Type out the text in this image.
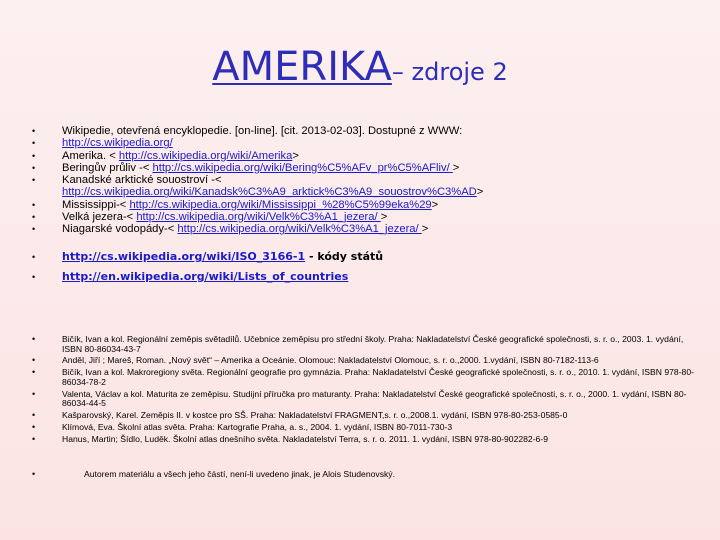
AMERIKA– zdroje 2
• Wikipedie, otevřená encyklopedie. [on-line]. [cit. 2013-02-03]. Dostupné z WWW:
• http://cs.wikipedia.org/
• Amerika. < http://cs.wikipedia.org/wiki/Amerika>
• Beringův průliv -< http://cs.wikipedia.org/wiki/Bering%C5%AFv_pr%C5%AFliv/ >
• Kanadské arktické souostroví -<
http://cs.wikipedia.org/wiki/Kanadsk%C3%A9_arktick%C3%A9_souostrov%C3%AD>
• Mississippi-< http://cs.wikipedia.org/wiki/Mississippi_%28%C5%99eka%29>
• Velká jezera-< http://cs.wikipedia.org/wiki/Velk%C3%A1_jezera/ >
• Niagarské vodopády-< http://cs.wikipedia.org/wiki/Velk%C3%A1_jezera/ >
• http://cs.wikipedia.org/wiki/ISO_3166-1 - kódy států
• http://en.wikipedia.org/wiki/Lists_of_countries
• Bičík, Ivan a kol. Regionální zeměpis světadílů. Učebnice zeměpisu pro střední školy. Praha: Nakladatelství České geografické společnosti, s. r. o., 2003. 1. vydání, ISBN 80-86034-43-7
• Anděl, Jiří ; Mareš, Roman. „Nový svět“ – Amerika a Oceánie. Olomouc: Nakladatelství Olomouc, s. r. o.,2000. 1.vydání, ISBN 80-7182-113-6
• Bičík, Ivan a kol. Makroregiony světa. Regionální geografie pro gymnázia. Praha: Nakladatelství České geografické společnosti, s. r. o., 2010. 1. vydání, ISBN 978-80-86034-78-2
• Valenta, Václav a kol. Maturita ze zeměpisu. Studijní příručka pro maturanty. Praha: Nakladatelství České geografické společnosti, s. r. o., 2000. 1. vydání, ISBN 80-86034-44-5
• Kašparovský, Karel. Zeměpis II. v kostce pro SŠ. Praha: Nakladatelství FRAGMENT,s. r. o.,2008.1. vydání, ISBN 978-80-253-0585-0
• Klímová, Eva. Školní atlas světa. Praha: Kartografie Praha, a. s., 2004. 1. vydání, ISBN 80-7011-730-3
• Hanus, Martin; Šídlo, Luděk. Školní atlas dnešního světa. Nakladatelství Terra, s. r. o. 2011. 1. vydání, ISBN 978-80-902282-6-9
• Autorem materiálu a všech jeho částí, není-li uvedeno jinak, je Alois Studenovský.
